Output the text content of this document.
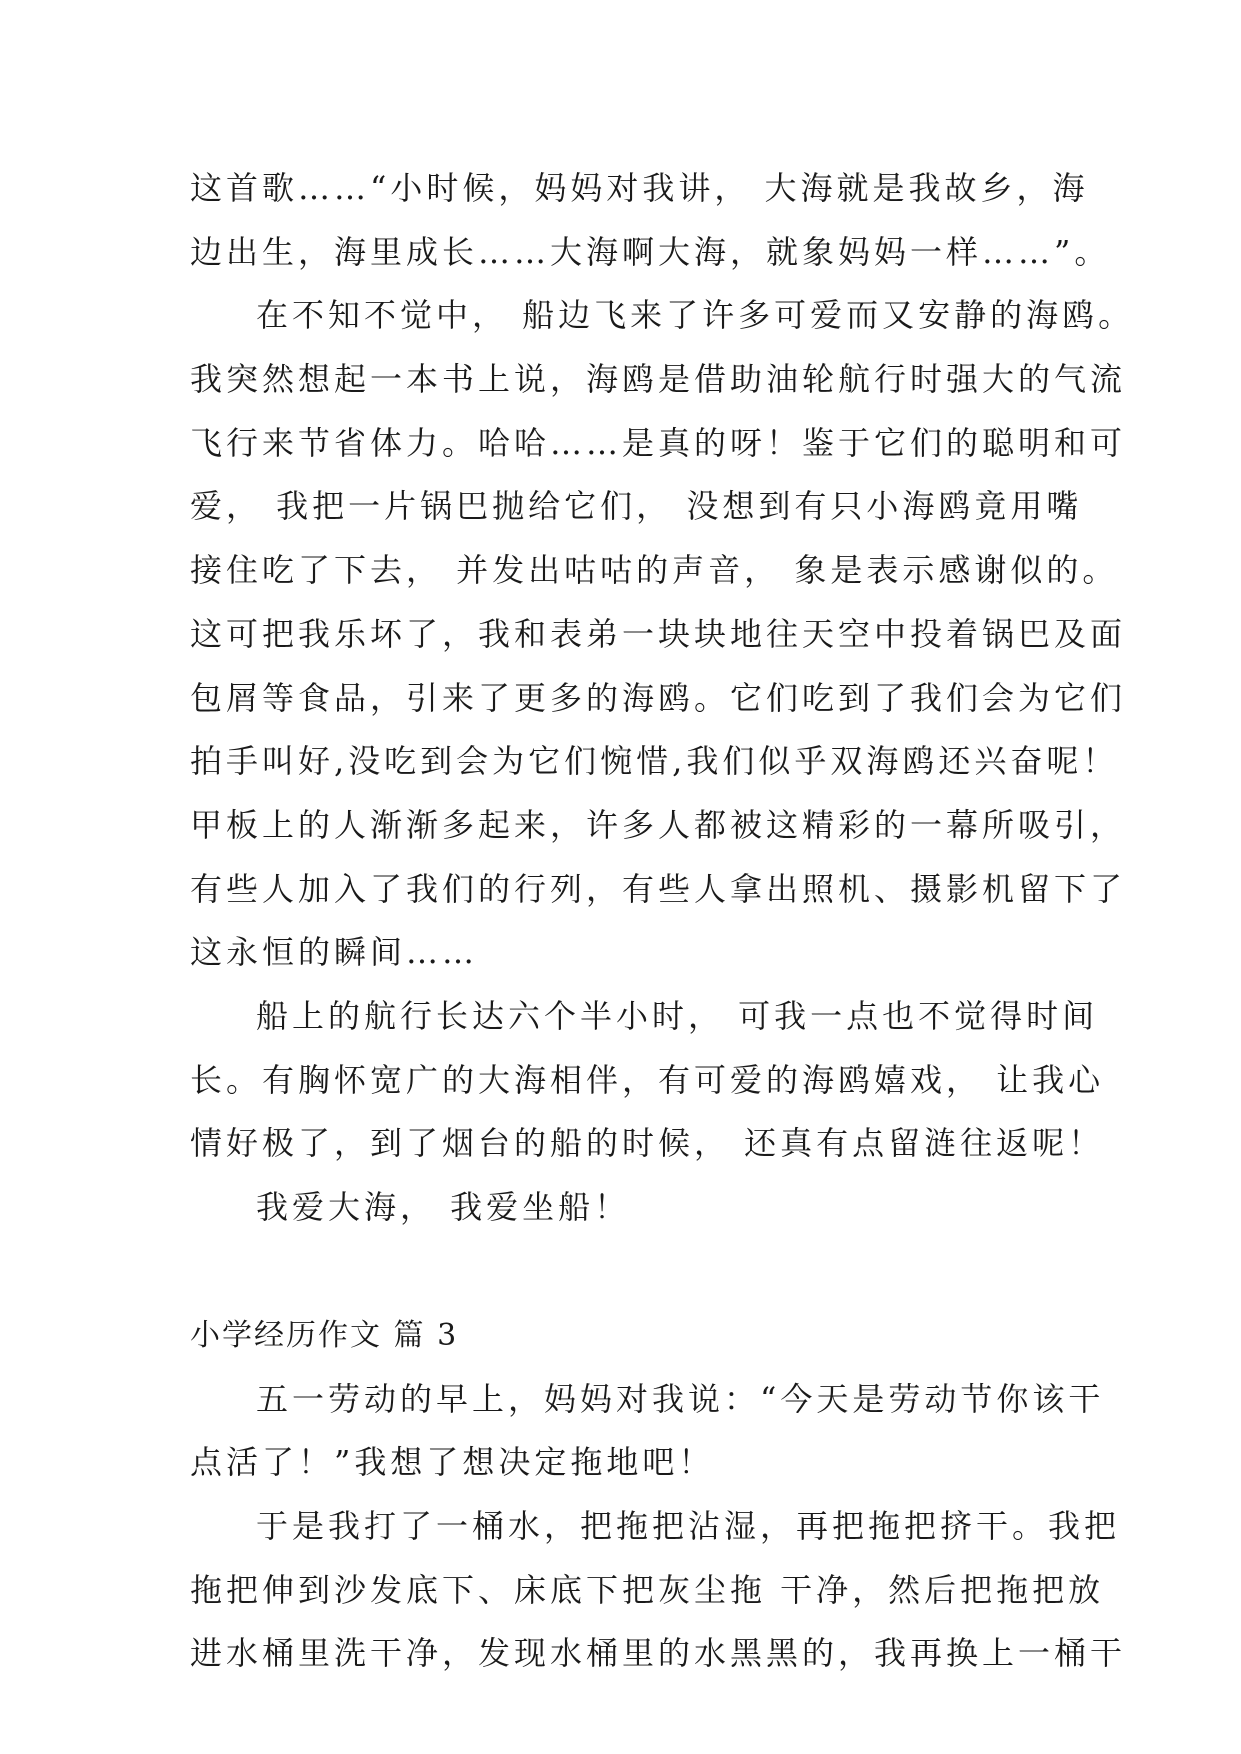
这首歌……“小时候，妈妈对我讲， 大海就是我故乡，海
边出生，海里成长……大海啊大海，就象妈妈一样……”。
在不知不觉中， 船边飞来了许多可爱而又安静的海鸥。
我突然想起一本书上说，海鸥是借助油轮航行时强大的气流
飞行来节省体力。哈哈……是真的呀！鉴于它们的聪明和可
爱， 我把一片锅巴抛给它们， 没想到有只小海鸥竟用嘴
接住吃了下去， 并发出咕咕的声音， 象是表示感谢似的。
这可把我乐坏了，我和表弟一块块地往天空中投着锅巴及面
包屑等食品，引来了更多的海鸥。它们吃到了我们会为它们
拍手叫好,没吃到会为它们惋惜,我们似乎双海鸥还兴奋呢！
甲板上的人渐渐多起来，许多人都被这精彩的一幕所吸引，
有些人加入了我们的行列，有些人拿出照机、摄影机留下了
这永恒的瞬间……
船上的航行长达六个半小时， 可我一点也不觉得时间
长。有胸怀宽广的大海相伴，有可爱的海鸥嬉戏， 让我心
情好极了，到了烟台的船的时候， 还真有点留涟往返呢！
我爱大海， 我爱坐船！
小学经历作文 篇 3
五一劳动的早上，妈妈对我说：“今天是劳动节你该干
点活了！”我想了想决定拖地吧！
于是我打了一桶水，把拖把沾湿，再把拖把挤干。我把
拖把伸到沙发底下、床底下把灰尘拖 干净，然后把拖把放
进水桶里洗干净，发现水桶里的水黑黑的，我再换上一桶干
